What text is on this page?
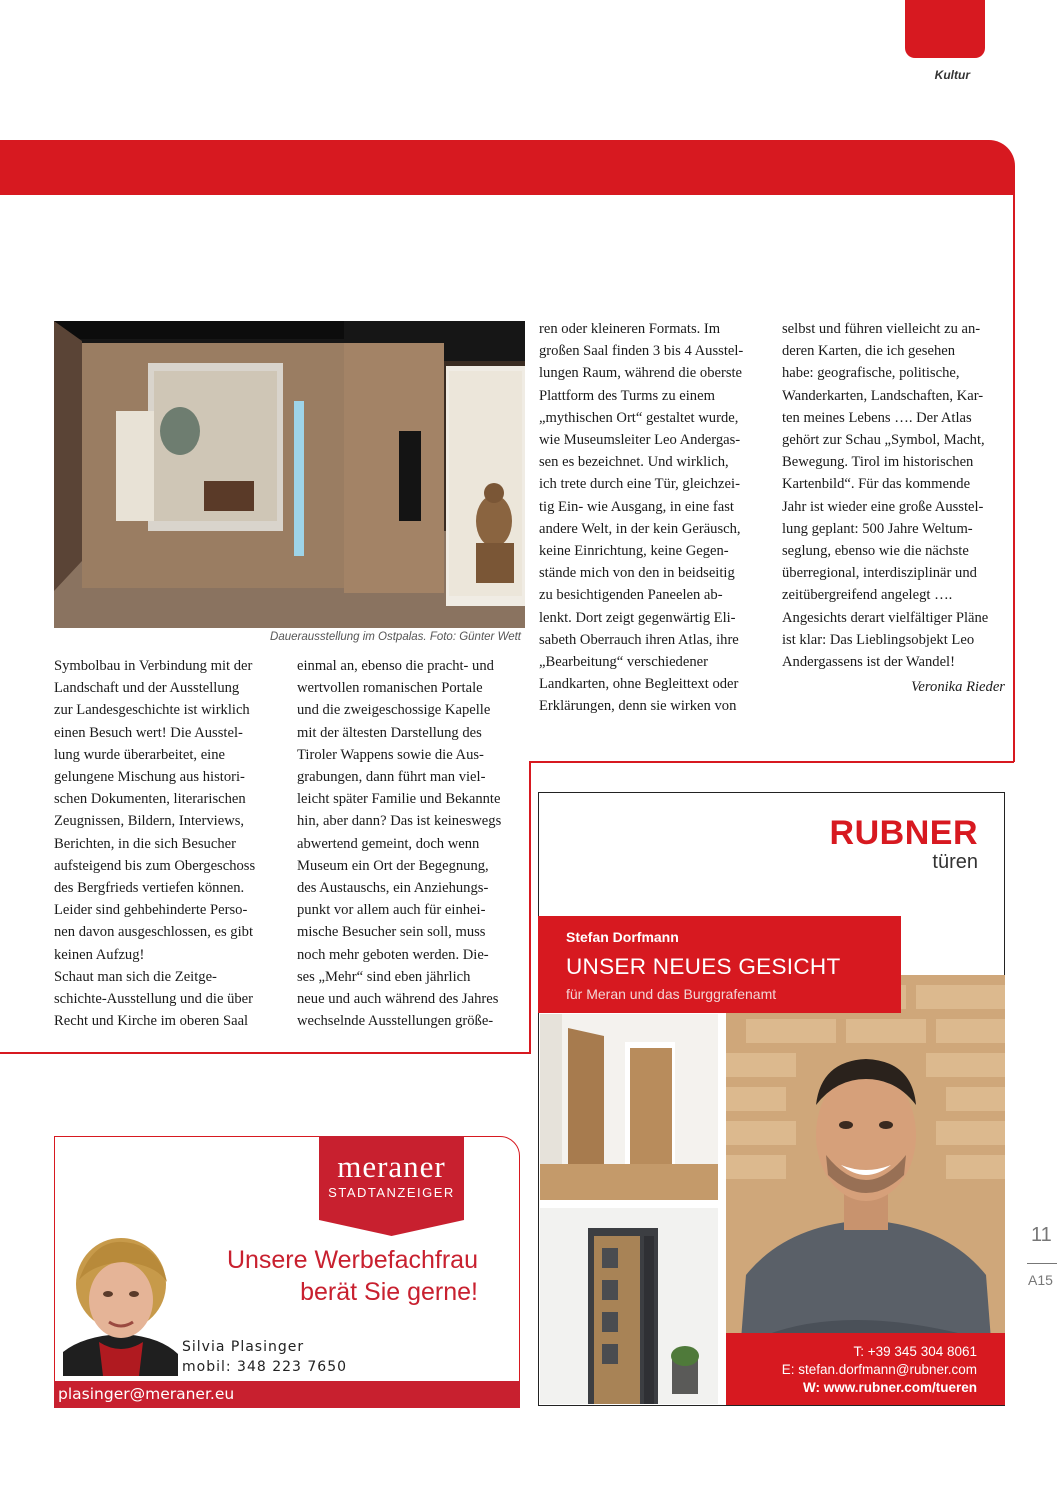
Kultur
Dauerausstellung im Ostpalas. Foto: Günter Wett
Symbolbau in Verbindung mit der
Landschaft und der Ausstellung
zur Landesgeschichte ist wirklich
einen Besuch wert! Die Ausstel-
lung wurde überarbeitet, eine
gelungene Mischung aus histori-
schen Dokumenten, literarischen
Zeugnissen, Bildern, Interviews,
Berichten, in die sich Besucher
aufsteigend bis zum Obergeschoss
des Bergfrieds vertiefen können.
Leider sind gehbehinderte Perso-
nen davon ausgeschlossen, es gibt
keinen Aufzug!
Schaut man sich die Zeitge-
schichte-Ausstellung und die über
Recht und Kirche im oberen Saal
einmal an, ebenso die pracht- und
wertvollen romanischen Portale
und die zweigeschossige Kapelle
mit der ältesten Darstellung des
Tiroler Wappens sowie die Aus-
grabungen, dann führt man viel-
leicht später Familie und Bekannte
hin, aber dann? Das ist keineswegs
abwertend gemeint, doch wenn
Museum ein Ort der Begegnung,
des Austauschs, ein Anziehungs-
punkt vor allem auch für einhei-
mische Besucher sein soll, muss
noch mehr geboten werden. Die-
ses „Mehr“ sind eben jährlich
neue und auch während des Jahres
wechselnde Ausstellungen größe-
ren oder kleineren Formats. Im
großen Saal finden 3 bis 4 Ausstel-
lungen Raum, während die oberste
Plattform des Turms zu einem
„mythischen Ort“ gestaltet wurde,
wie Museumsleiter Leo Andergas-
sen es bezeichnet. Und wirklich,
ich trete durch eine Tür, gleichzei-
tig Ein- wie Ausgang, in eine fast
andere Welt, in der kein Geräusch,
keine Einrichtung, keine Gegen-
stände mich von den in beidseitig
zu besichtigenden Paneelen ab-
lenkt. Dort zeigt gegenwärtig Eli-
sabeth Oberrauch ihren Atlas, ihre
„Bearbeitung“ verschiedener
Landkarten, ohne Begleittext oder
Erklärungen, denn sie wirken von
selbst und führen vielleicht zu an-
deren Karten, die ich gesehen
habe: geografische, politische,
Wanderkarten, Landschaften, Kar-
ten meines Lebens …. Der Atlas
gehört zur Schau „Symbol, Macht,
Bewegung. Tirol im historischen
Kartenbild“. Für das kommende
Jahr ist wieder eine große Ausstel-
lung geplant: 500 Jahre Weltum-
seglung, ebenso wie die nächste
überregional, interdisziplinär und
zeitübergreifend angelegt ….
Angesichts derart vielfältiger Pläne
ist klar: Das Lieblingsobjekt Leo
Andergassens ist der Wandel!
Veronika Rieder
meraner
STADTANZEIGER
Unsere Werbefachfrau
berät Sie gerne!
Silvia Plasinger
mobil: 348 223 7650
plasinger@meraner.eu
RUBNER
türen
Stefan Dorfmann
UNSER NEUES GESICHT
für Meran und das Burggrafenamt
T: +39 345 304 8061
E: stefan.dorfmann@rubner.com
W: www.rubner.com/tueren
11
A15
